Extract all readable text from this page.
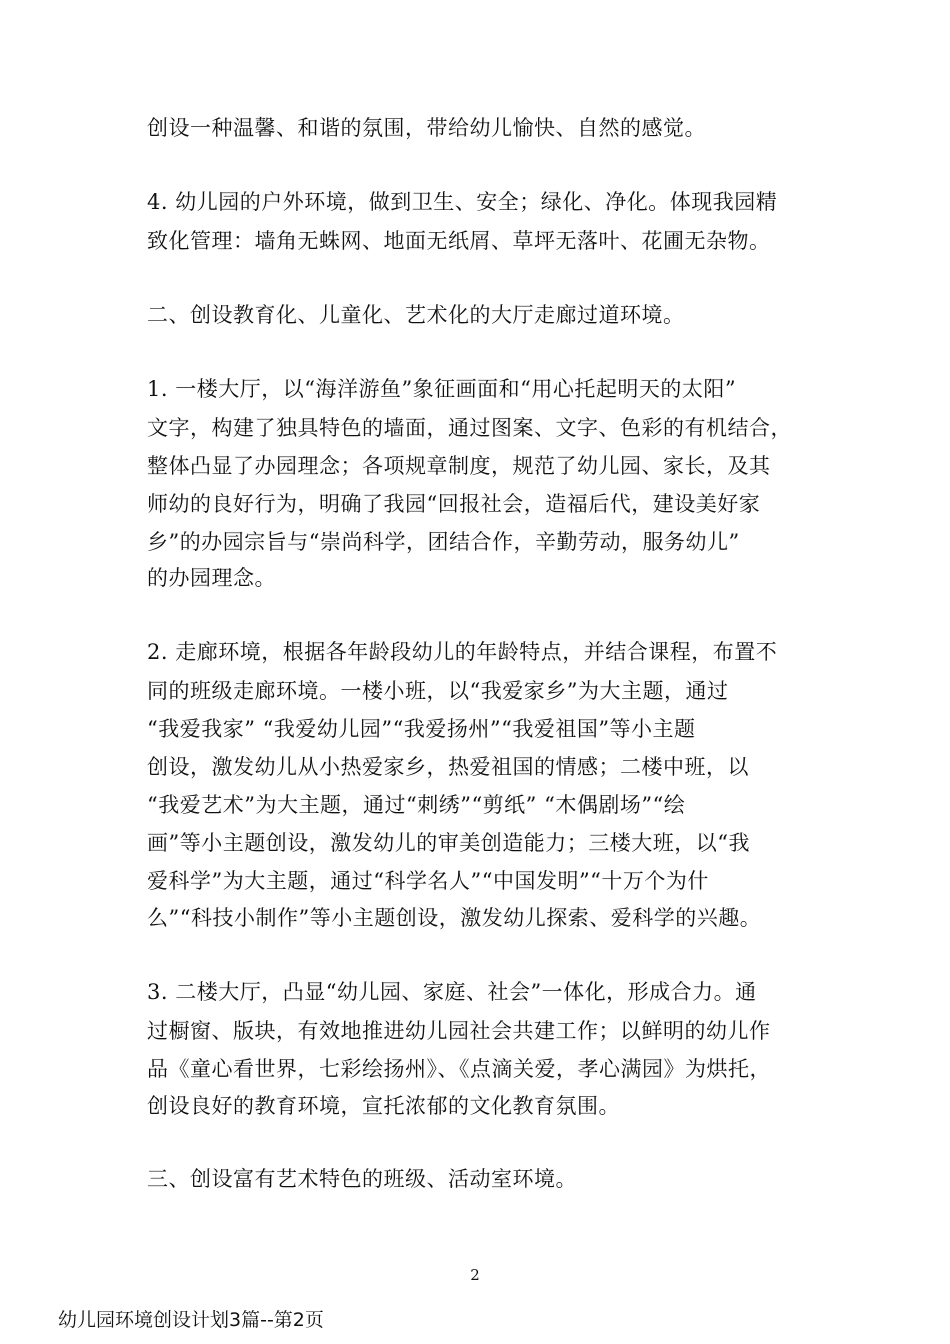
创设一种温馨、和谐的氛围，带给幼儿愉快、自然的感觉。
4. 幼儿园的户外环境，做到卫生、安全；绿化、净化。体现我园精
致化管理：墙角无蛛网、地面无纸屑、草坪无落叶、花圃无杂物。
二、创设教育化、儿童化、艺术化的大厅走廊过道环境。
1. 一楼大厅，以“海洋游鱼”象征画面和“用心托起明天的太阳”
文字，构建了独具特色的墙面，通过图案、文字、色彩的有机结合，
整体凸显了办园理念；各项规章制度，规范了幼儿园、家长，及其
师幼的良好行为，明确了我园“回报社会，造福后代，建设美好家
乡”的办园宗旨与“崇尚科学，团结合作，辛勤劳动，服务幼儿”
的办园理念。
2. 走廊环境，根据各年龄段幼儿的年龄特点，并结合课程，布置不
同的班级走廊环境。一楼小班，以“我爱家乡”为大主题，通过
“我爱我家” “我爱幼儿园”“我爱扬州”“我爱祖国”等小主题
创设，激发幼儿从小热爱家乡，热爱祖国的情感；二楼中班，以
“我爱艺术”为大主题，通过“刺绣”“剪纸” “木偶剧场”“绘
画”等小主题创设，激发幼儿的审美创造能力；三楼大班，以“我
爱科学”为大主题，通过“科学名人”“中国发明”“十万个为什
么”“科技小制作”等小主题创设，激发幼儿探索、爱科学的兴趣。
3. 二楼大厅，凸显“幼儿园、家庭、社会”一体化，形成合力。通
过橱窗、版块，有效地推进幼儿园社会共建工作；以鲜明的幼儿作
品《童心看世界，七彩绘扬州》、《点滴关爱，孝心满园》为烘托，
创设良好的教育环境，宣托浓郁的文化教育氛围。
三、创设富有艺术特色的班级、活动室环境。
2
幼儿园环境创设计划3篇--第2页
